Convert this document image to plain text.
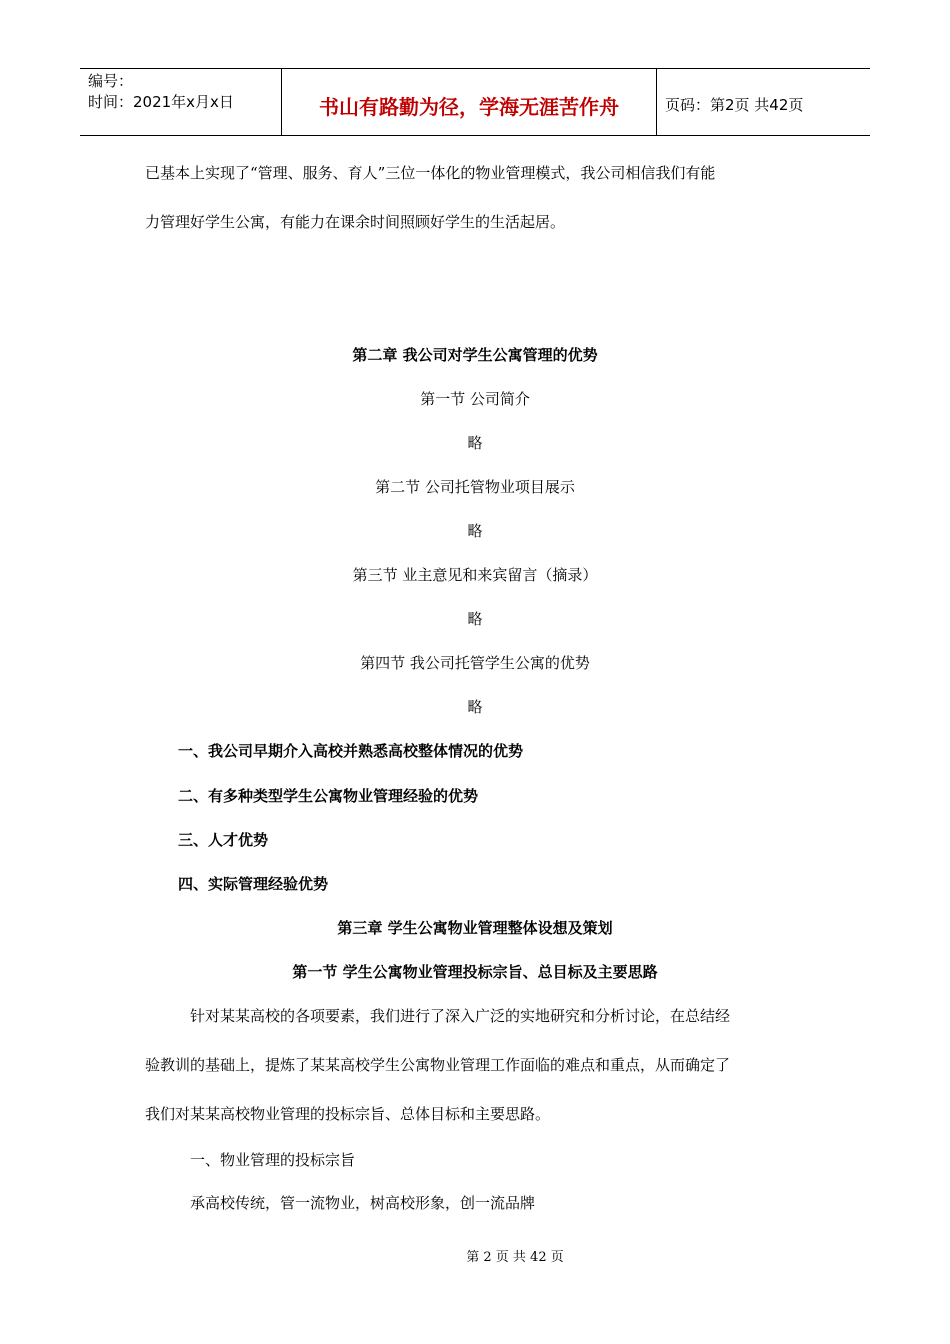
编号：
时间：2021年x月x日	书山有路勤为径，学海无涯苦作舟	页码：第2页 共42页
已基本上实现了“管理、服务、育人”三位一体化的物业管理模式，我公司相信我们有能
力管理好学生公寓，有能力在课余时间照顾好学生的生活起居。
第二章 我公司对学生公寓管理的优势
第一节 公司简介
略
第二节 公司托管物业项目展示
略
第三节 业主意见和来宾留言（摘录）
略
第四节 我公司托管学生公寓的优势
略
一、我公司早期介入高校并熟悉高校整体情况的优势
二、有多种类型学生公寓物业管理经验的优势
三、人才优势
四、实际管理经验优势
第三章 学生公寓物业管理整体设想及策划
第一节 学生公寓物业管理投标宗旨、总目标及主要思路
针对某某高校的各项要素，我们进行了深入广泛的实地研究和分析讨论，在总结经
验教训的基础上，提炼了某某高校学生公寓物业管理工作面临的难点和重点，从而确定了
我们对某某高校物业管理的投标宗旨、总体目标和主要思路。
一、物业管理的投标宗旨
承高校传统，管一流物业，树高校形象，创一流品牌
第 2 页 共 42 页
